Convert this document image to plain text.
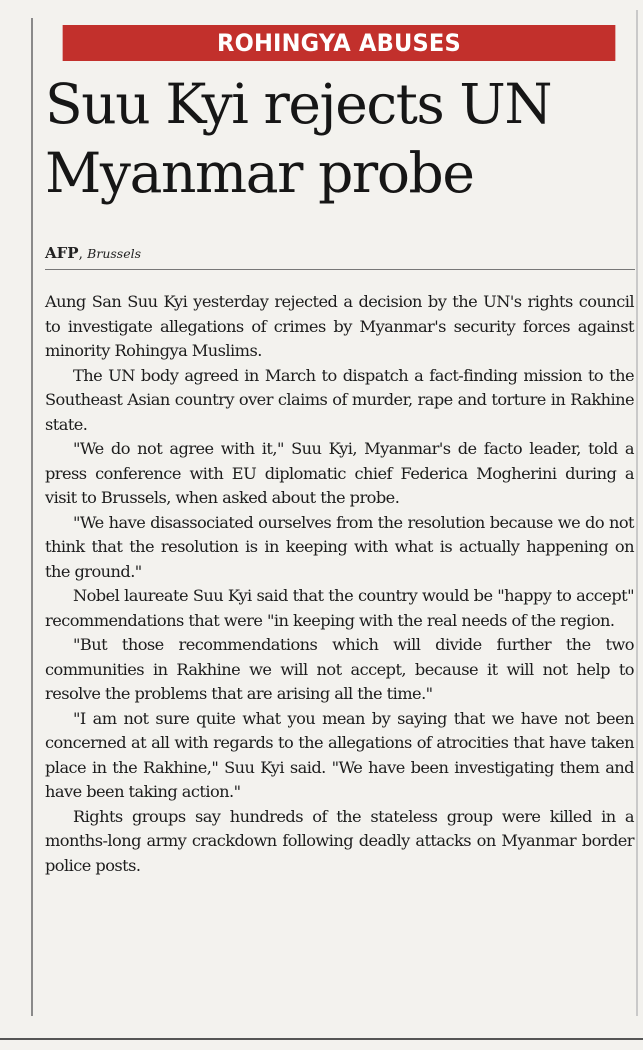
ROHINGYA ABUSES
Suu Kyi rejects UN Myanmar probe
AFP, Brussels

Aung San Suu Kyi yesterday rejected a decision by the UN's rights council to investigate allegations of crimes by Myanmar's security forces against minority Rohingya Muslims.

The UN body agreed in March to dispatch a fact-finding mission to the Southeast Asian country over claims of murder, rape and torture in Rakhine state.

"We do not agree with it," Suu Kyi, Myanmar's de facto leader, told a press conference with EU diplomatic chief Federica Mogherini during a visit to Brussels, when asked about the probe.

"We have disassociated ourselves from the resolution because we do not think that the resolution is in keeping with what is actually happening on the ground."

Nobel laureate Suu Kyi said that the country would be "happy to accept" recommendations that were "in keeping with the real needs of the region.

"But those recommendations which will divide further the two communities in Rakhine we will not accept, because it will not help to resolve the problems that are arising all the time."

"I am not sure quite what you mean by saying that we have not been concerned at all with regards to the allegations of atrocities that have taken place in the Rakhine," Suu Kyi said. "We have been investigating them and have been taking action."

Rights groups say hundreds of the stateless group were killed in a months-long army crackdown following deadly attacks on Myanmar border police posts.
